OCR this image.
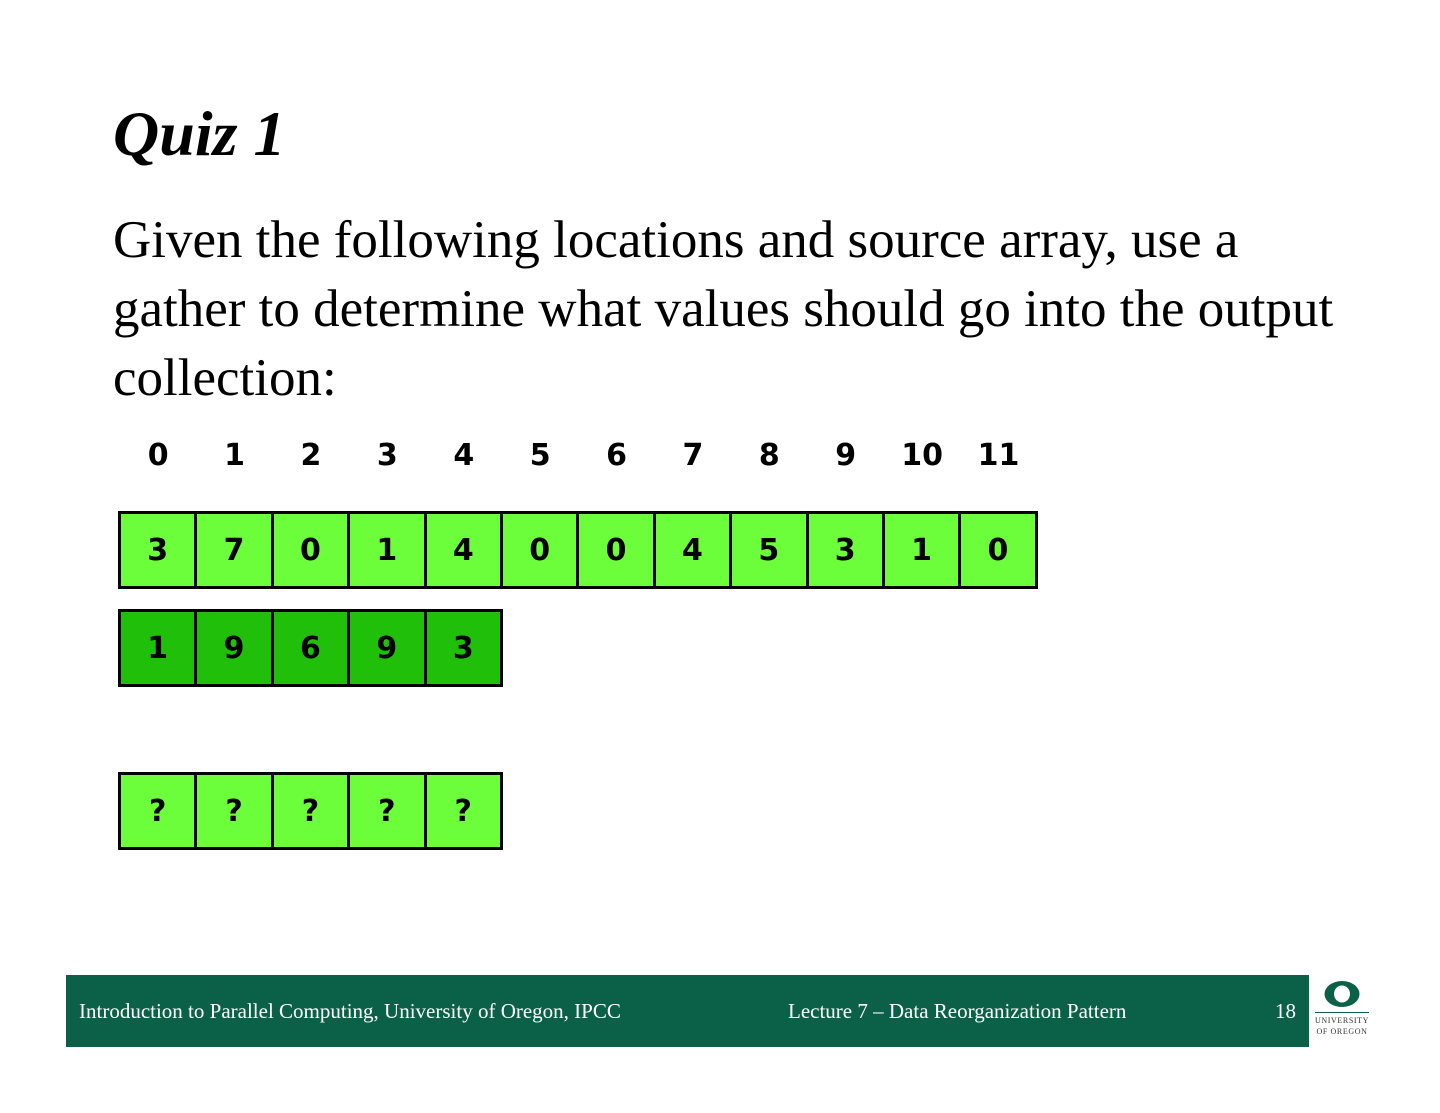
Quiz 1

Given the following locations and source array, use a gather to determine what values should go into the output collection:

0	1	2	3	4	5	6	7	8	9	10	11
3	7	0	1	4	0	0	4	5	3	1	0
1	9	6	9	3
?	?	?	?	?
Introduction to Parallel Computing, University of Oregon, IPCC	Lecture 7 – Data Reorganization Pattern	18	UNIVERSITY
OF OREGON
